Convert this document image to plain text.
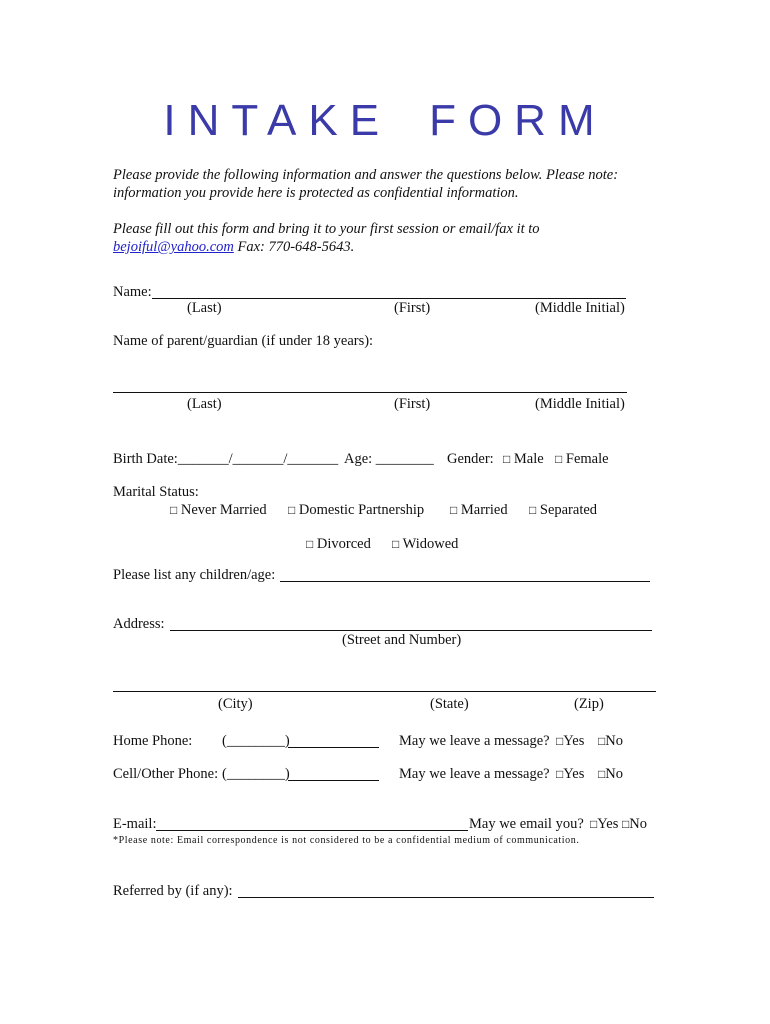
INTAKE FORM
Please provide the following information and answer the questions below. Please note:
information you provide here is protected as confidential information.
Please fill out this form and bring it to your first session or email/fax it to
bejoiful@yahoo.com Fax: 770-648-5643.
Name:
(Last)	(First)	(Middle Initial)
Name of parent/guardian (if under 18 years):
(Last)	(First)	(Middle Initial)
Birth Date:_______/_______/_______ Age: ________ Gender: □ Male □ Female
Marital Status:
□ Never Married □ Domestic Partnership □ Married □ Separated
□ Divorced □ Widowed
Please list any children/age:
Address:
(Street and Number)
(City)	(State)	(Zip)
Home Phone: (________)	May we leave a message? □Yes □No
Cell/Other Phone: (________)	May we leave a message? □Yes □No
E-mail:	May we email you? □Yes □No
*Please note: Email correspondence is not considered to be a confidential medium of communication.
Referred by (if any):
